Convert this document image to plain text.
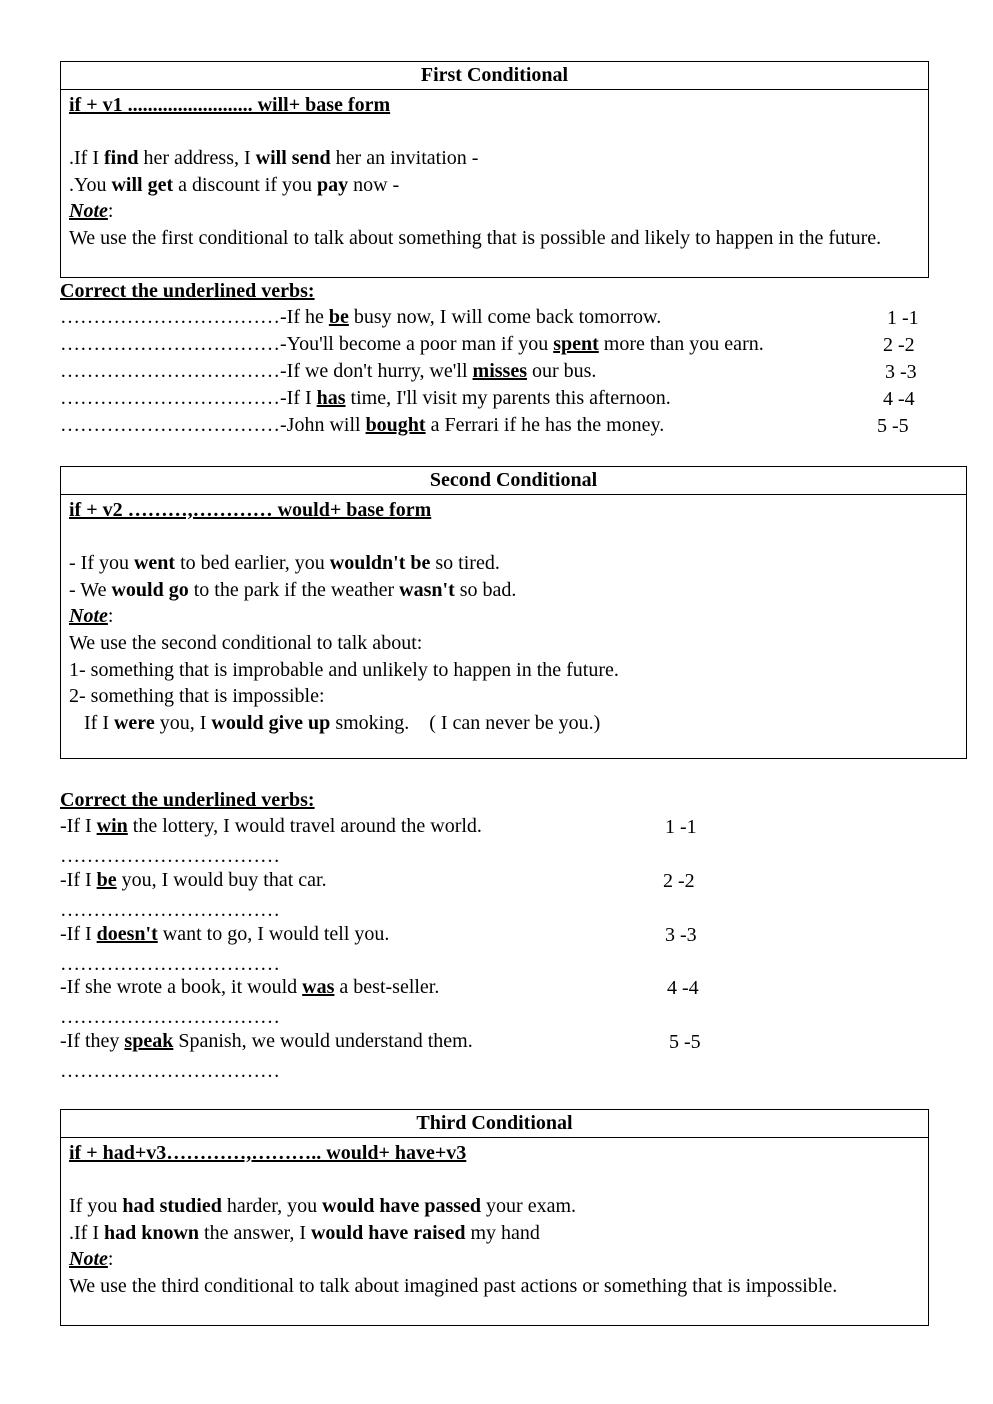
First Conditional
if + v1 ......................... will+ base form
.If I find her address, I will send her an invitation -
.You will get a discount if you pay now -
Note:
We use the first conditional to talk about something that is possible and likely to happen in the future.
Correct the underlined verbs:
……………………………-If he be busy now, I will come back tomorrow.	1 -1
……………………………-You'll become a poor man if you spent more than you earn.	2 -2
……………………………-If we don't hurry, we'll misses our bus.	3 -3
……………………………-If I has time, I'll visit my parents this afternoon.	4 -4
……………………………-John will bought a Ferrari if he has the money.	5 -5
Second Conditional
if + v2 ………,………… would+ base form
- If you went to bed earlier, you wouldn't be so tired.
- We would go to the park if the weather wasn't so bad.
Note:
We use the second conditional to talk about:
1- something that is improbable and unlikely to happen in the future.
2- something that is impossible:
If I were you, I would give up smoking.    ( I can never be you.)
Correct the underlined verbs:
-If I win the lottery, I would travel around the world.	1 -1
……………………………
-If I be you, I would buy that car.	2 -2
……………………………
-If I doesn't want to go, I would tell you.	3 -3
……………………………
-If she wrote a book, it would was a best-seller.	4 -4
……………………………
-If they speak Spanish, we would understand them.	5 -5
……………………………
Third Conditional
if + had+v3…………,……….. would+ have+v3
If you had studied harder, you would have passed your exam.
.If I had known the answer, I would have raised my hand
Note:
We use the third conditional to talk about imagined past actions or something that is impossible.
